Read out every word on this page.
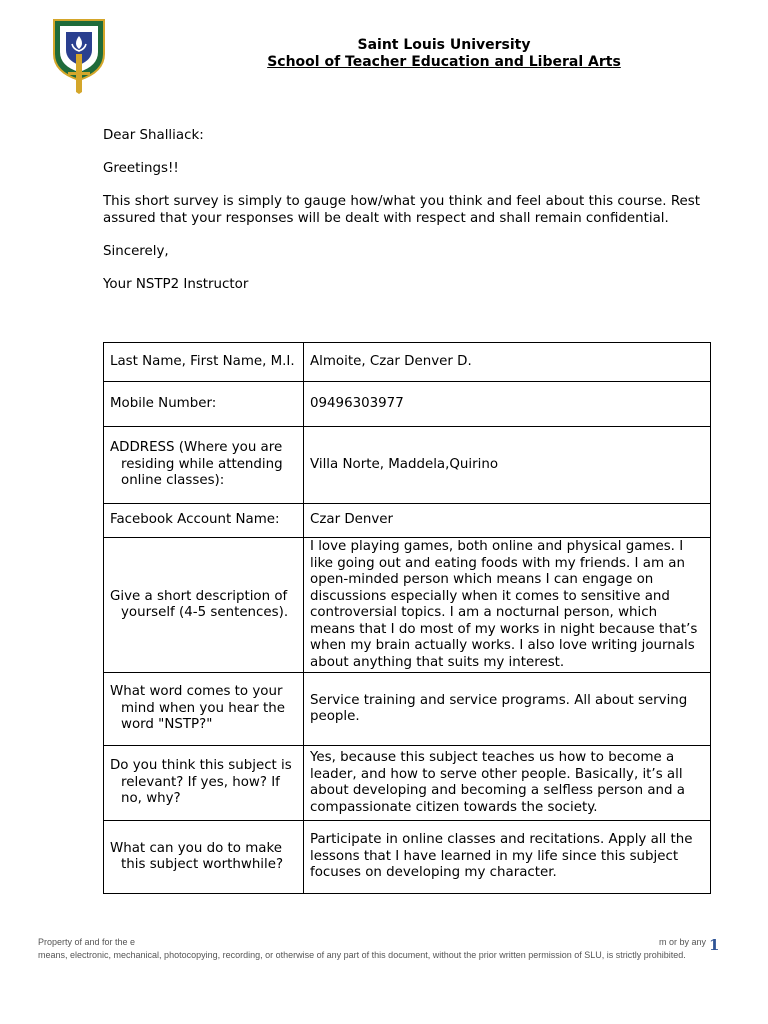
Saint Louis University
School of Teacher Education and Liberal Arts

Dear Shalliack:

Greetings!!

This short survey is simply to gauge how/what you think and feel about this course. Rest assured that your responses will be dealt with respect and shall remain confidential.

Sincerely,

Your NSTP2 Instructor

Last Name, First Name, M.I.	Almoite, Czar Denver D.

Mobile Number:	09496303977

ADDRESS (Where you are residing while attending online classes):	Villa Norte, Maddela,Quirino

Facebook Account Name:	Czar Denver

Give a short description of yourself (4-5 sentences).	I love playing games, both online and physical games. I like going out and eating foods with my friends. I am an open-minded person which means I can engage on discussions especially when it comes to sensitive and controversial topics. I am a nocturnal person, which means that I do most of my works in night because that’s when my brain actually works. I also love writing journals about anything that suits my interest.

What word comes to your mind when you hear the word "NSTP?"	Service training and service programs. All about serving people.

Do you think this subject is relevant? If yes, how? If no, why?	Yes, because this subject teaches us how to become a leader, and how to serve other people. Basically, it’s all about developing and becoming a selfless person and a compassionate citizen towards the society.

What can you do to make this subject worthwhile?	Participate in online classes and recitations. Apply all the lessons that I have learned in my life since this subject focuses on developing my character.
Property of and for the e	m or by any
means, electronic, mechanical, photocopying, recording, or otherwise of any part of this document, without the prior written permission of SLU, is strictly prohibited.
1
